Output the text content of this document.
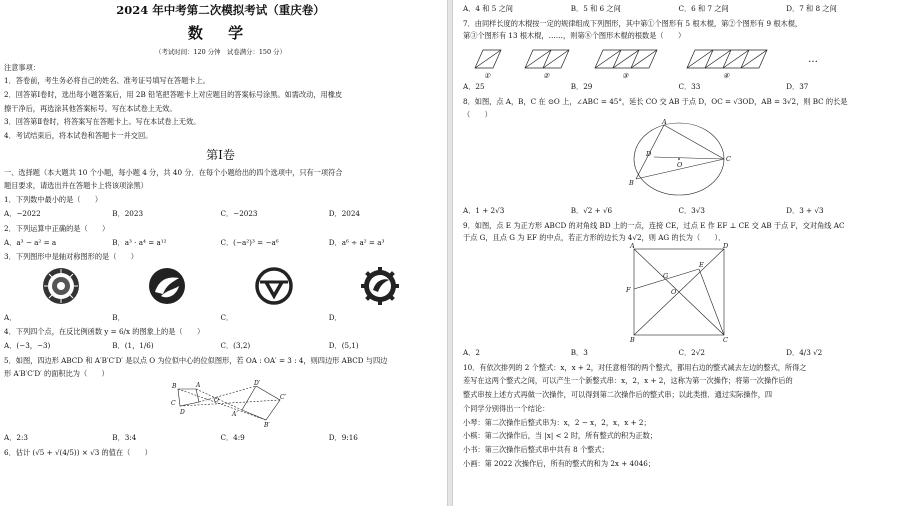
2024 年中考第二次模拟考试（重庆卷）
数 学
（考试时间：120 分钟　试卷满分：150 分）
注意事项：
1．答卷前，考生务必将自己的姓名、准考证号填写在答题卡上。
2．回答第Ⅰ卷时，选出每小题答案后，用 2B 铅笔把答题卡上对应题目的答案标号涂黑。如需改动，用橡皮
擦干净后，再选涂其他答案标号。写在本试卷上无效。
3．回答第Ⅱ卷时，将答案写在答题卡上。写在本试卷上无效。
4．考试结束后，将本试卷和答题卡一并交回。
第Ⅰ卷
一、选择题（本大题共 10 个小题，每小题 4 分，共 40 分．在每个小题给出的四个选项中，只有一项符合
题目要求，请选出并在答题卡上将该项涂黑）
1．下列数中最小的是（　　）
A．−2022	B．2023	C．−2023	D．2024
2．下列运算中正确的是（　　）
A．a³ − a² = a	B．a³ · a⁴ = a¹²	C．(−a²)³ = −a⁶	D．a⁶ ÷ a² = a³
3．下列图形中是轴对称图形的是（　　）
A．	B．	C．	D．
4．下列四个点，在反比例函数 y = 6/x 的图象上的是（　　）
A．(−3，−3)	B．(1，1/6)	C．(3,2)	D．(5,1)
5．如图，四边形 ABCD 和 A′B′C′D′ 是以点 O 为位似中心的位似图形，若 OA : OA′ = 3 : 4，则四边形 ABCD 与四边
形 A′B′C′D′ 的面积比为（　　）
B	A
C
D
O
D′
C′
A′
B′
A．2:3	B．3:4	C．4:9	D．9:16
6．估计 (√5 + √(4/5)) × √3 的值在（　　）
A．4 和 5 之间	B．5 和 6 之间	C．6 和 7 之间	D．7 和 8 之间
7．由同样长度的木棍按一定的规律组成下列图形，其中第①个图形有 5 根木棍，第②个图形有 9 根木棍，
第③个图形有 13 根木棍，……，则第⑧个图形木棍的根数是（　　）
①	②	③	④
…
A．25	B．29	C．33	D．37
8．如图，点 A，B，C 在 ⊙O 上，∠ABC = 45°，延长 CO 交 AB 于点 D，OC = √3OD，AB = 3√2，则 BC 的长是
（　　）
A
D
O
C
B
A．1 + 2√3	B．√2 + √6	C．3√3	D．3 + √3
9．如图，点 E 为正方形 ABCD 的对角线 BD 上的一点，连接 CE，过点 E 作 EF ⊥ CE 交 AB 于点 F，交对角线 AC
于点 G，且点 G 为 EF 的中点，若正方形的边长为 4√2，则 AG 的长为（　　）．
A	D
G
E
F	O
B	C
A．2	B．3	C．2√2	D．4/3 √2
10．有依次排列的 2 个整式：x，x + 2，对任意相邻的两个整式，都用右边的整式减去左边的整式，所得之
差写在这两个整式之间，可以产生一个新整式串：x，2，x + 2，这称为第一次操作；将第一次操作后的
整式串按上述方式再做一次操作，可以得到第二次操作后的整式串；以此类推．通过实际操作，四
个同学分别得出一个结论：
小琴：第二次操作后整式串为：x，2 − x，2，x，x + 2；
小棋：第二次操作后，当 |x| < 2 时，所有整式的积为正数；
小书：第三次操作后整式串中共有 8 个整式；
小画：第 2022 次操作后，所有的整式的和为 2x + 4046；
